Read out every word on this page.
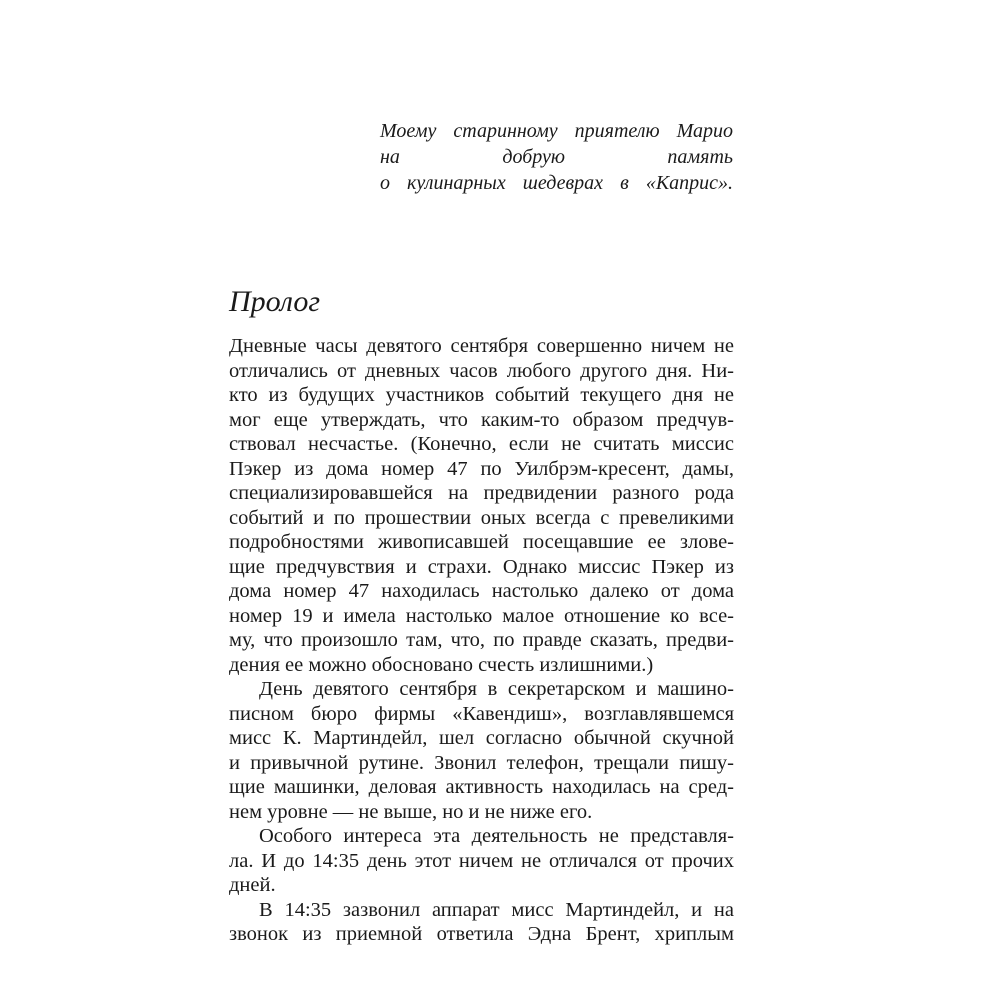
Моему старинному приятелю Марио
на добрую память
о кулинарных шедеврах в «Каприс».
Пролог
Дневные часы девятого сентября совершенно ничем не
отличались от дневных часов любого другого дня. Ни-
кто из будущих участников событий текущего дня не
мог еще утверждать, что каким-то образом предчув-
ствовал несчастье. (Конечно, если не считать миссис
Пэкер из дома номер 47 по Уилбрэм-кресент, дамы,
специализировавшейся на предвидении разного рода
событий и по прошествии оных всегда с превеликими
подробностями живописавшей посещавшие ее злове-
щие предчувствия и страхи. Однако миссис Пэкер из
дома номер 47 находилась настолько далеко от дома
номер 19 и имела настолько малое отношение ко все-
му, что произошло там, что, по правде сказать, предви-
дения ее можно обосновано счесть излишними.)
День девятого сентября в секретарском и машино-
писном бюро фирмы «Кавендиш», возглавлявшемся
мисс К. Мартиндейл, шел согласно обычной скучной
и привычной рутине. Звонил телефон, трещали пишу-
щие машинки, деловая активность находилась на сред-
нем уровне — не выше, но и не ниже его.
Особого интереса эта деятельность не представля-
ла. И до 14:35 день этот ничем не отличался от прочих
дней.
В 14:35 зазвонил аппарат мисс Мартиндейл, и на
звонок из приемной ответила Эдна Брент, хриплым
